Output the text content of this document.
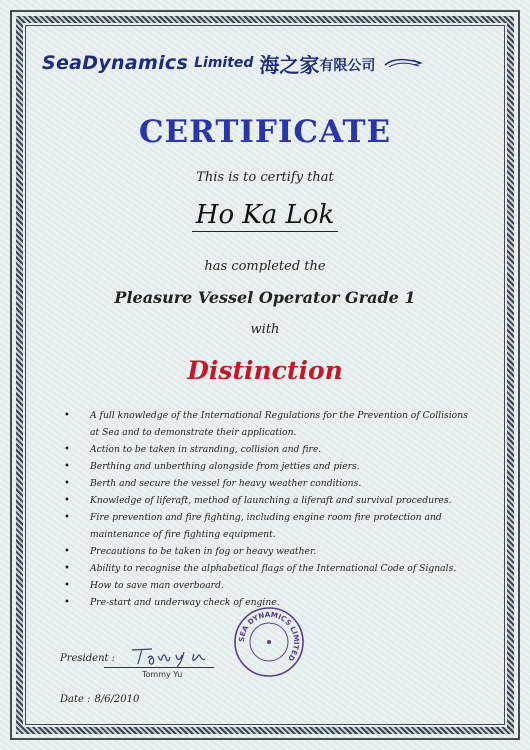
SeaDynamics Limited 海之家 有限公司
CERTIFICATE
This is to certify that
Ho Ka Lok
has completed the
Pleasure Vessel Operator Grade 1
with
Distinction
• A full knowledge of the International Regulations for the Prevention of Collisions at Sea and to demonstrate their application.
• Action to be taken in stranding, collision and fire.
• Berthing and unberthing alongside from jetties and piers.
• Berth and secure the vessel for heavy weather conditions.
• Knowledge of liferaft, method of launching a liferaft and survival procedures.
• Fire prevention and fire fighting, including engine room fire protection and maintenance of fire fighting equipment.
• Precautions to be taken in fog or heavy weather.
• Ability to recognise the alphabetical flags of the International Code of Signals.
• How to save man overboard.
• Pre-start and underway check of engine.
President :
Tommy Yu
Date : 8/6/2010
SEA DYNAMICS LIMITED
